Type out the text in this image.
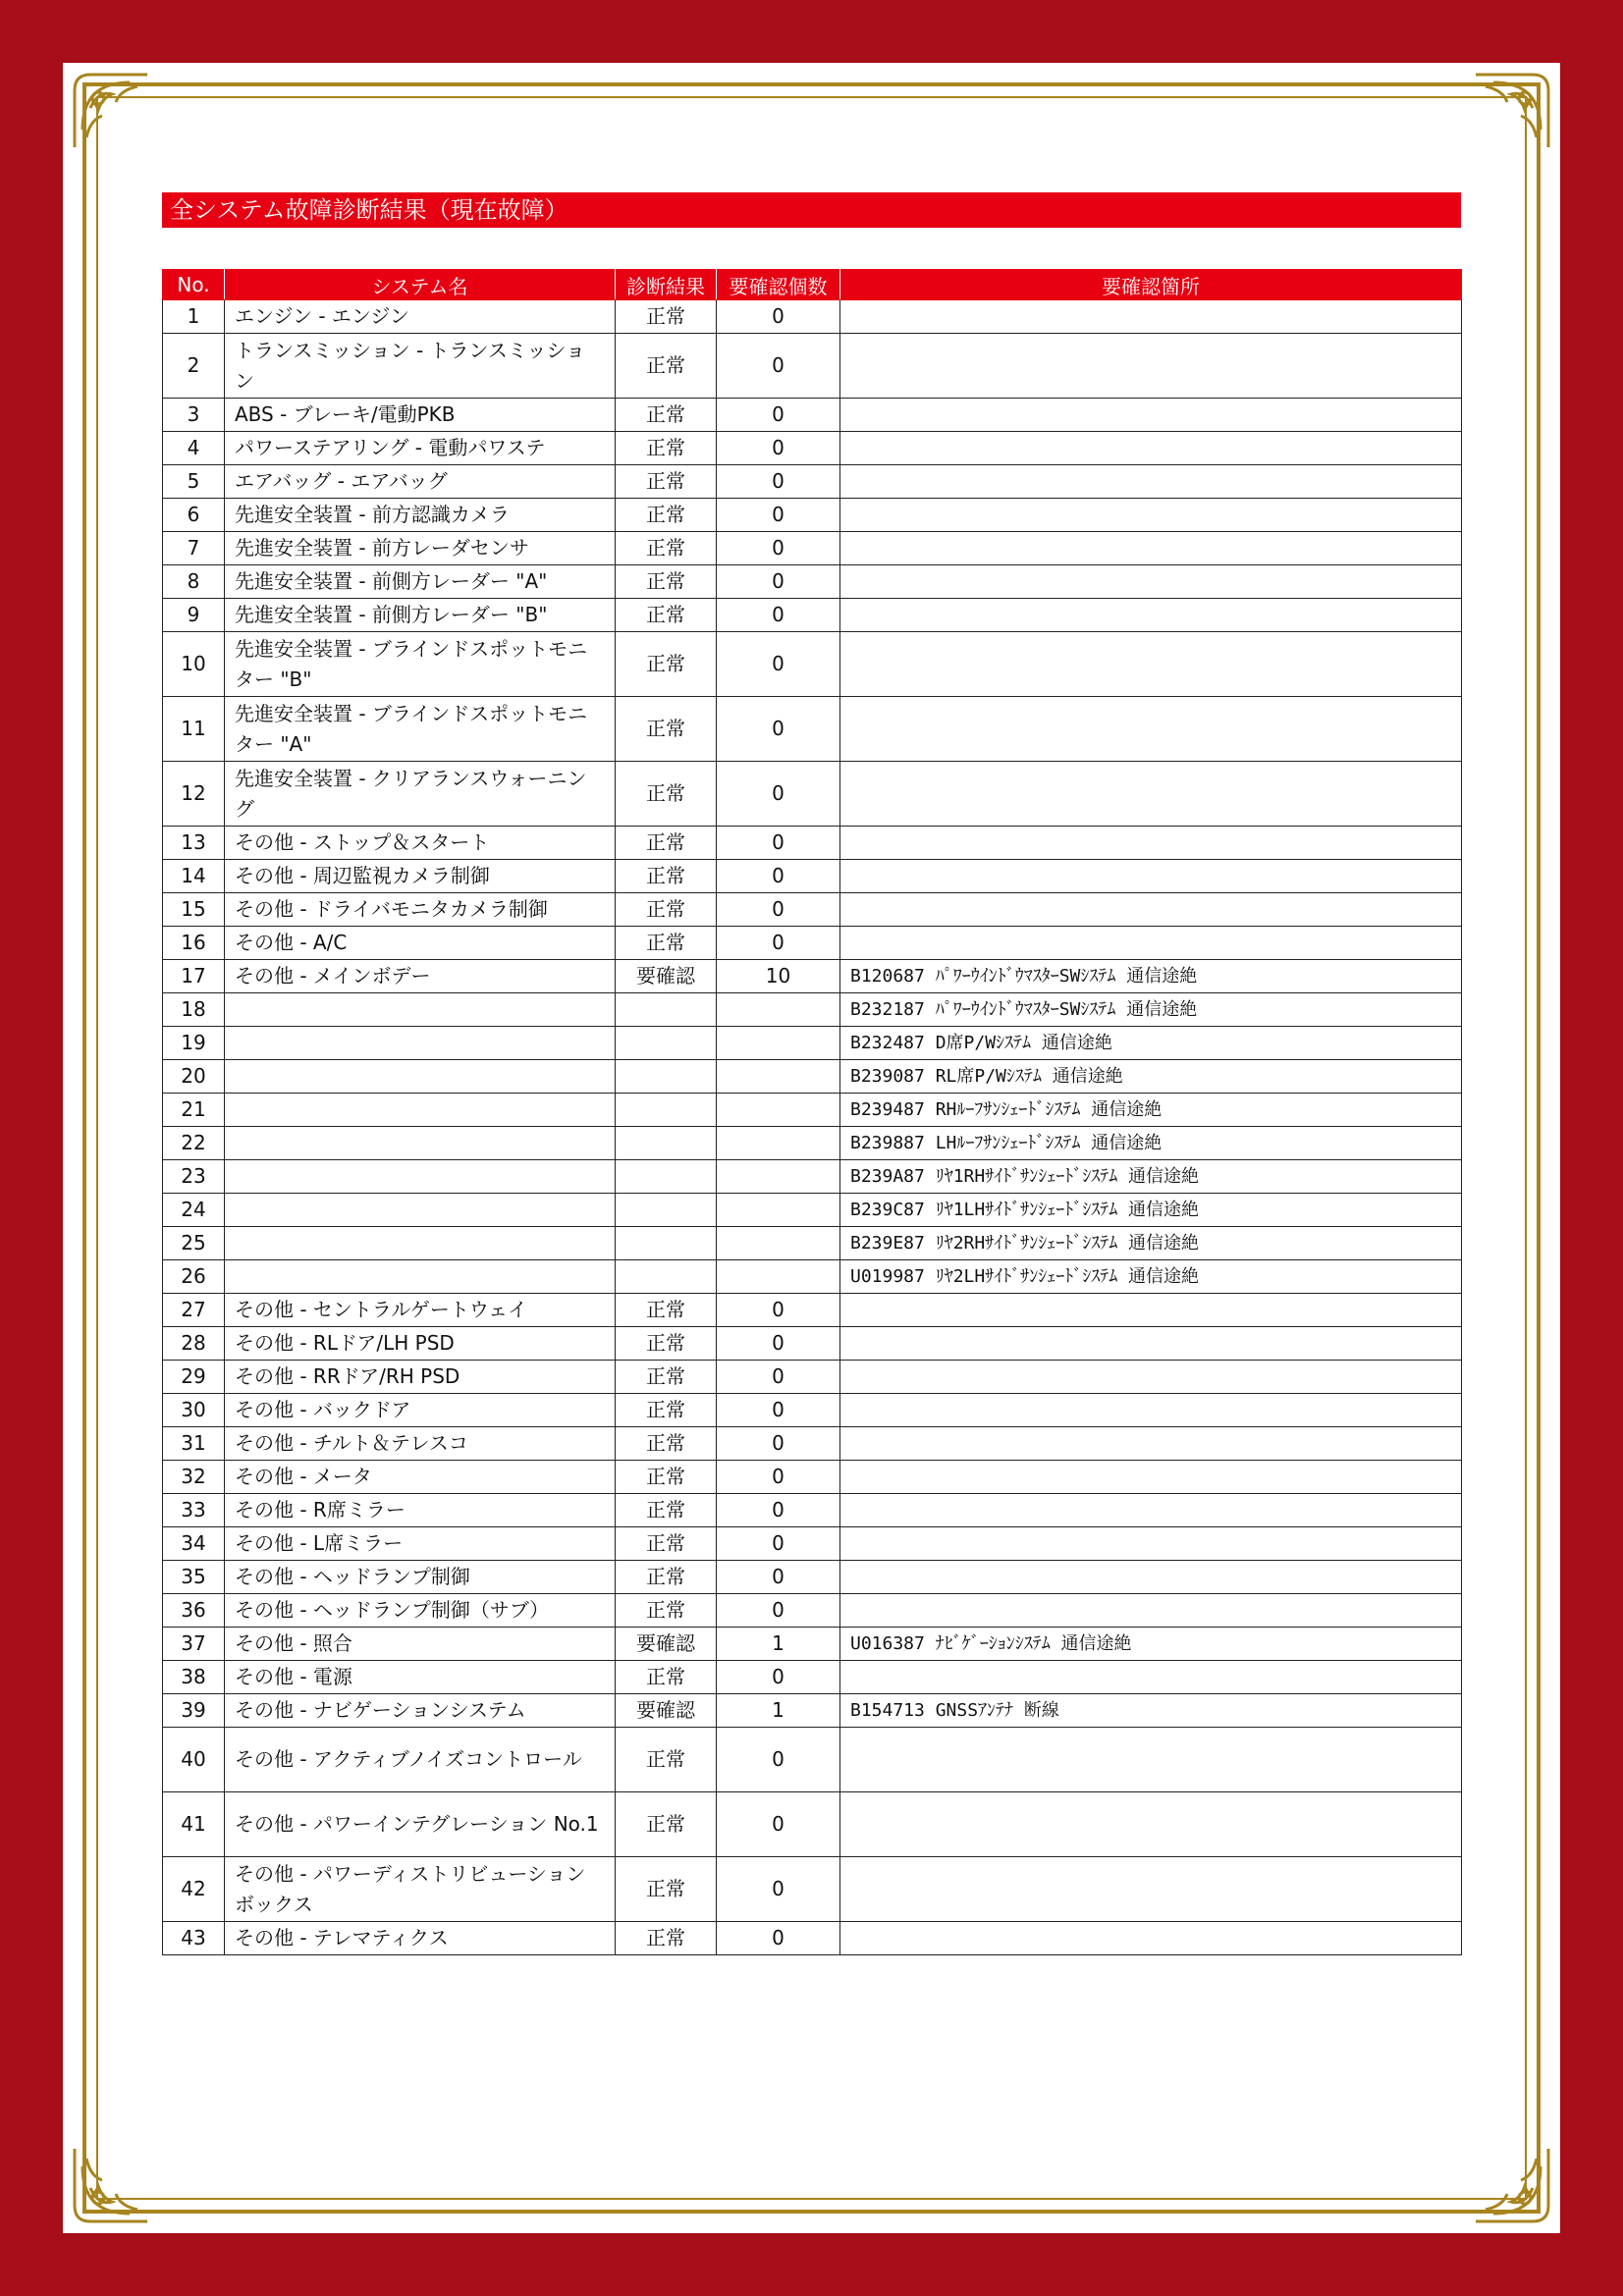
全システム故障診断結果（現在故障）
No.	システム名	診断結果	要確認個数	要確認箇所
1	エンジン - エンジン	正常	0	
2	トランスミッション - トランスミッション	正常	0	
3	ABS - ブレーキ/電動PKB	正常	0	
4	パワーステアリング - 電動パワステ	正常	0	
5	エアバッグ - エアバッグ	正常	0	
6	先進安全装置 - 前方認識カメラ	正常	0	
7	先進安全装置 - 前方レーダセンサ	正常	0	
8	先進安全装置 - 前側方レーダー "A"	正常	0	
9	先進安全装置 - 前側方レーダー "B"	正常	0	
10	先進安全装置 - ブラインドスポットモニター "B"	正常	0	
11	先進安全装置 - ブラインドスポットモニター "A"	正常	0	
12	先進安全装置 - クリアランスウォーニング	正常	0	
13	その他 - ストップ＆スタート	正常	0	
14	その他 - 周辺監視カメラ制御	正常	0	
15	その他 - ドライバモニタカメラ制御	正常	0	
16	その他 - A/C	正常	0	
17	その他 - メインボデー	要確認	10	B120687 ﾊﾟﾜｰｳｲﾝﾄﾞｳﾏｽﾀｰSWｼｽﾃﾑ 通信途絶
18				B232187 ﾊﾟﾜｰｳｲﾝﾄﾞｳﾏｽﾀｰSWｼｽﾃﾑ 通信途絶
19				B232487 D席P/Wｼｽﾃﾑ 通信途絶
20				B239087 RL席P/Wｼｽﾃﾑ 通信途絶
21				B239487 RHﾙｰﾌｻﾝｼｪｰﾄﾞｼｽﾃﾑ 通信途絶
22				B239887 LHﾙｰﾌｻﾝｼｪｰﾄﾞｼｽﾃﾑ 通信途絶
23				B239A87 ﾘﾔ1RHｻｲﾄﾞｻﾝｼｪｰﾄﾞｼｽﾃﾑ 通信途絶
24				B239C87 ﾘﾔ1LHｻｲﾄﾞｻﾝｼｪｰﾄﾞｼｽﾃﾑ 通信途絶
25				B239E87 ﾘﾔ2RHｻｲﾄﾞｻﾝｼｪｰﾄﾞｼｽﾃﾑ 通信途絶
26				U019987 ﾘﾔ2LHｻｲﾄﾞｻﾝｼｪｰﾄﾞｼｽﾃﾑ 通信途絶
27	その他 - セントラルゲートウェイ	正常	0	
28	その他 - RLドア/LH PSD	正常	0	
29	その他 - RRドア/RH PSD	正常	0	
30	その他 - バックドア	正常	0	
31	その他 - チルト＆テレスコ	正常	0	
32	その他 - メータ	正常	0	
33	その他 - R席ミラー	正常	0	
34	その他 - L席ミラー	正常	0	
35	その他 - ヘッドランプ制御	正常	0	
36	その他 - ヘッドランプ制御（サブ）	正常	0	
37	その他 - 照合	要確認	1	U016387 ﾅﾋﾞｹﾞｰｼｮﾝｼｽﾃﾑ 通信途絶
38	その他 - 電源	正常	0	
39	その他 - ナビゲーションシステム	要確認	1	B154713 GNSSｱﾝﾃﾅ 断線
40	その他 - アクティブノイズコントロール	正常	0	
41	その他 - パワーインテグレーション No.1	正常	0	
42	その他 - パワーディストリビューションボックス	正常	0	
43	その他 - テレマティクス	正常	0	
